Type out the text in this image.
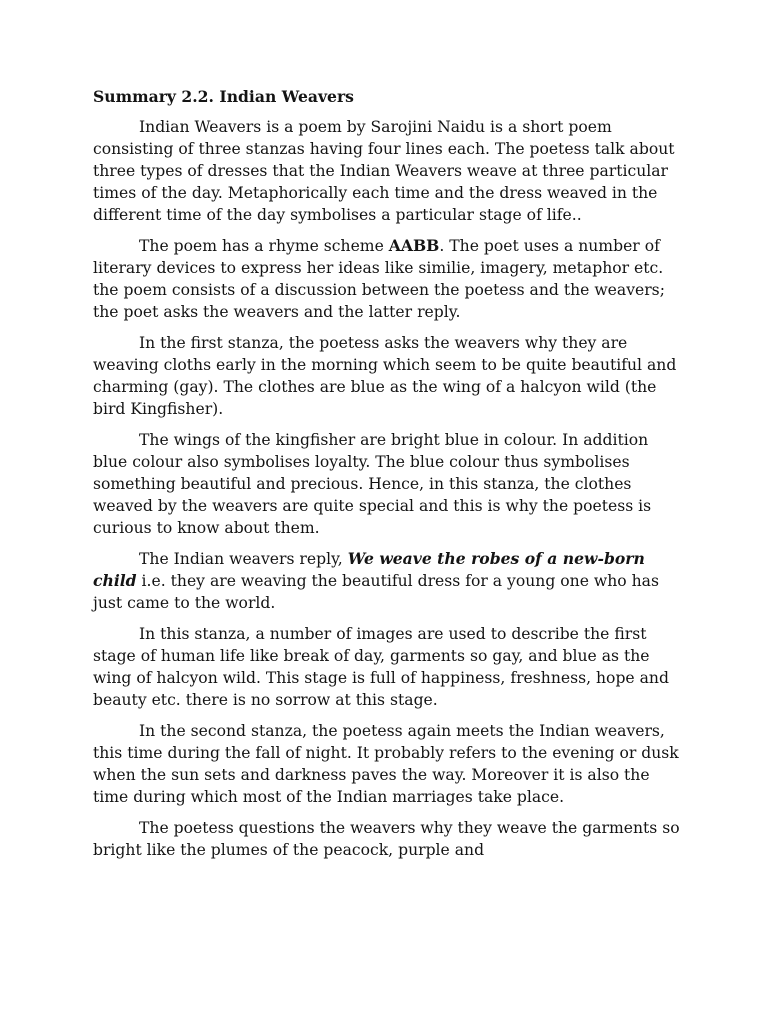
Summary 2.2. Indian Weavers

Indian Weavers is a poem by Sarojini Naidu is a short poem consisting of three stanzas having four lines each. The poetess talk about three types of dresses that the Indian Weavers weave at three particular times of the day. Metaphorically each time and the dress weaved in the different time of the day symbolises a particular stage of life..

The poem has a rhyme scheme AABB. The poet uses a number of literary devices to express her ideas like similie, imagery, metaphor etc. the poem consists of a discussion between the poetess and the weavers; the poet asks the weavers and the latter reply.

In the first stanza, the poetess asks the weavers why they are weaving cloths early in the morning which seem to be quite beautiful and charming (gay). The clothes are blue as the wing of a halcyon wild (the bird Kingfisher).

The wings of the kingfisher are bright blue in colour. In addition blue colour also symbolises loyalty. The blue colour thus symbolises something beautiful and precious. Hence, in this stanza, the clothes weaved by the weavers are quite special and this is why the poetess is curious to know about them.

The Indian weavers reply, We weave the robes of a new-born child i.e. they are weaving the beautiful dress for a young one who has just came to the world.

In this stanza, a number of images are used to describe the first stage of human life like break of day, garments so gay, and blue as the wing of halcyon wild. This stage is full of happiness, freshness, hope and beauty etc. there is no sorrow at this stage.

In the second stanza, the poetess again meets the Indian weavers, this time during the fall of night. It probably refers to the evening or dusk when the sun sets and darkness paves the way. Moreover it is also the time during which most of the Indian marriages take place.

The poetess questions the weavers why they weave the garments so bright like the plumes of the peacock, purple and
